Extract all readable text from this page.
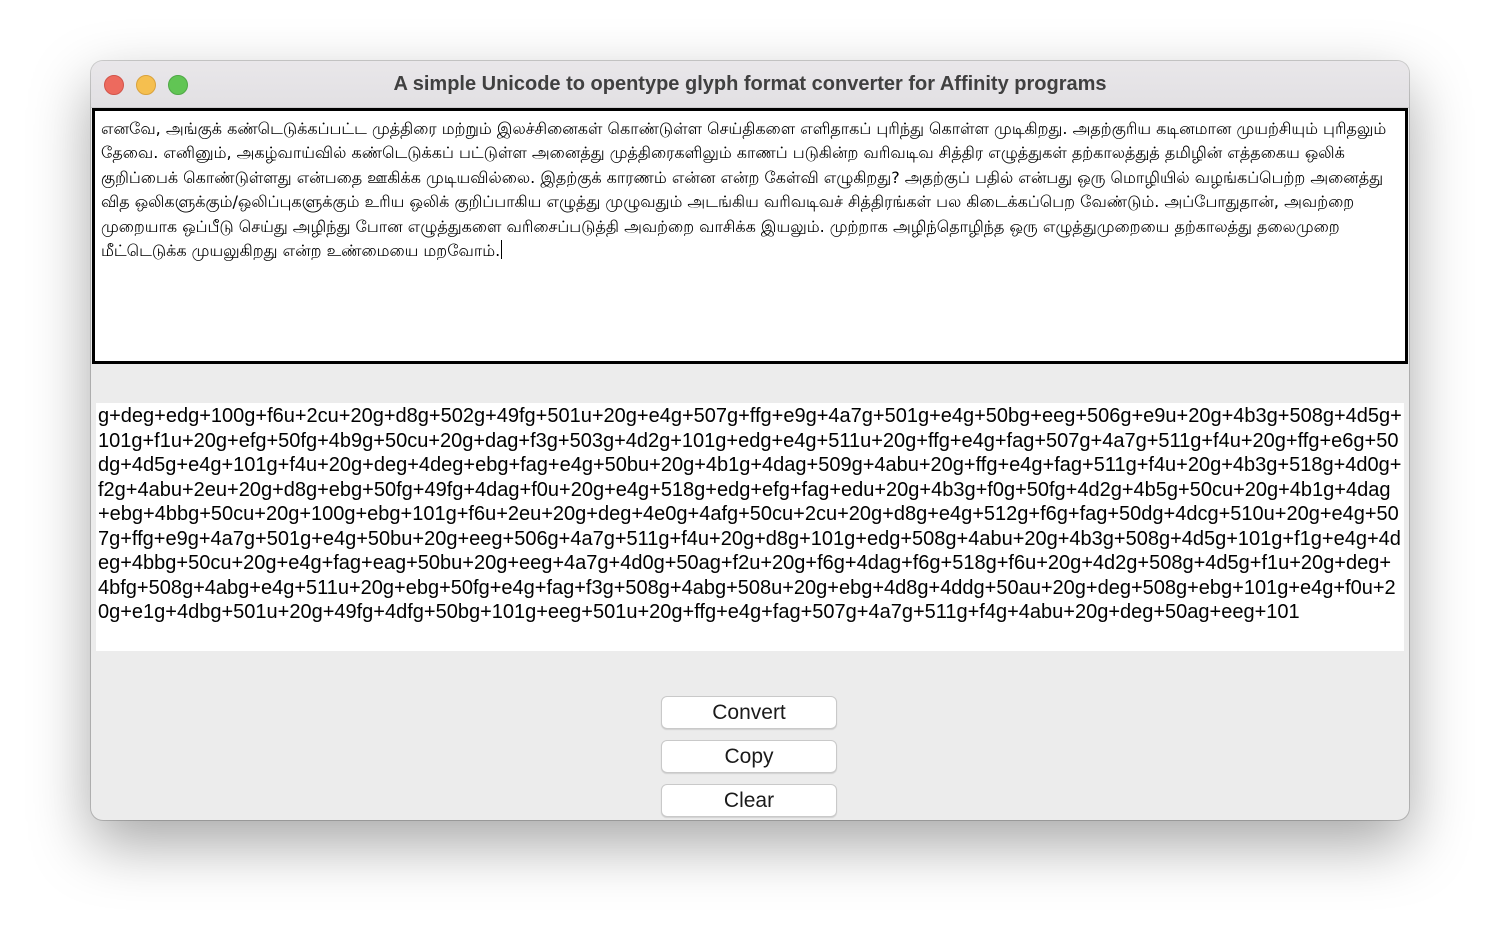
A simple Unicode to opentype glyph format converter for Affinity programs
எனவே, அங்குக் கண்டெடுக்கப்பட்ட முத்திரை மற்றும் இலச்சினைகள் கொண்டுள்ள செய்திகளை எளிதாகப் புரிந்து கொள்ள முடிகிறது. அதற்குரிய கடினமான முயற்சியும் புரிதலும் தேவை. எனினும், அகழ்வாய்வில் கண்டெடுக்கப் பட்டுள்ள அனைத்து முத்திரைகளிலும் காணப் படுகின்ற வரிவடிவ சித்திர எழுத்துகள் தற்காலத்துத் தமிழின் எத்தகைய ஒலிக் குறிப்பைக் கொண்டுள்ளது என்பதை ஊகிக்க முடியவில்லை. இதற்குக் காரணம் என்ன என்ற கேள்வி எழுகிறது? அதற்குப் பதில் என்பது ஒரு மொழியில் வழங்கப்பெற்ற அனைத்து வித ஒலிகளுக்கும்/ஒலிப்புகளுக்கும் உரிய ஒலிக் குறிப்பாகிய எழுத்து முழுவதும் அடங்கிய வரிவடிவச் சித்திரங்கள் பல கிடைக்கப்பெற வேண்டும். அப்போதுதான், அவற்றை முறையாக ஒப்பீடு செய்து அழிந்து போன எழுத்துகளை வரிசைப்படுத்தி அவற்றை வாசிக்க இயலும். முற்றாக அழிந்தொழிந்த ஒரு எழுத்துமுறையை தற்காலத்து தலைமுறை மீட்டெடுக்க முயலுகிறது என்ற உண்மையை மறவோம்.
g+deg+edg+100g+f6u+2cu+20g+d8g+502g+49fg+501u+20g+e4g+507g+ffg+e9g+4a7g+501g+e4g+50bg+eeg+506g+e9u+20g+4b3g+508g+4d5g+101g+f1u+20g+efg+50fg+4b9g+50cu+20g+dag+f3g+503g+4d2g+101g+edg+e4g+511u+20g+ffg+e4g+fag+507g+4a7g+511g+f4u+20g+ffg+e6g+50dg+4d5g+e4g+101g+f4u+20g+deg+4deg+ebg+fag+e4g+50bu+20g+4b1g+4dag+509g+4abu+20g+ffg+e4g+fag+511g+f4u+20g+4b3g+518g+4d0g+f2g+4abu+2eu+20g+d8g+ebg+50fg+49fg+4dag+f0u+20g+e4g+518g+edg+efg+fag+edu+20g+4b3g+f0g+50fg+4d2g+4b5g+50cu+20g+4b1g+4dag+ebg+4bbg+50cu+20g+100g+ebg+101g+f6u+2eu+20g+deg+4e0g+4afg+50cu+2cu+20g+d8g+e4g+512g+f6g+fag+50dg+4dcg+510u+20g+e4g+507g+ffg+e9g+4a7g+501g+e4g+50bu+20g+eeg+506g+4a7g+511g+f4u+20g+d8g+101g+edg+508g+4abu+20g+4b3g+508g+4d5g+101g+f1g+e4g+4deg+4bbg+50cu+20g+e4g+fag+eag+50bu+20g+eeg+4a7g+4d0g+50ag+f2u+20g+f6g+4dag+f6g+518g+f6u+20g+4d2g+508g+4d5g+f1u+20g+deg+4bfg+508g+4abg+e4g+511u+20g+ebg+50fg+e4g+fag+f3g+508g+4abg+508u+20g+ebg+4d8g+4ddg+50au+20g+deg+508g+ebg+101g+e4g+f0u+20g+e1g+4dbg+501u+20g+49fg+4dfg+50bg+101g+eeg+501u+20g+ffg+e4g+fag+507g+4a7g+511g+f4g+4abu+20g+deg+50ag+eeg+101
Convert
Copy
Clear
